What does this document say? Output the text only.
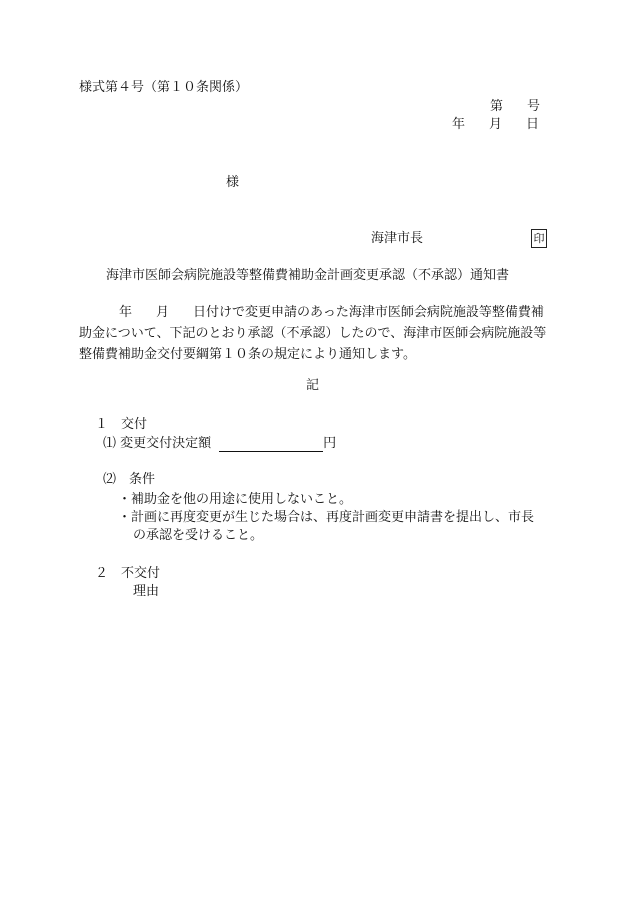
様式第４号（第１０条関係）
第 号
年 月 日
様
海津市長	印
海津市医師会病院施設等整備費補助金計画変更承認（不承認）通知書
年 月 日付けで変更申請のあった海津市医師会病院施設等整備費補助金について、下記のとおり承認（不承認）したので、海津市医師会病院施設等整備費補助金交付要綱第１０条の規定により通知します。
記
１　交付
⑴ 変更交付決定額	円
⑵　条件
・補助金を他の用途に使用しないこと。
・計画に再度変更が生じた場合は、再度計画変更申請書を提出し、市長
の承認を受けること。
２　不交付
理由
